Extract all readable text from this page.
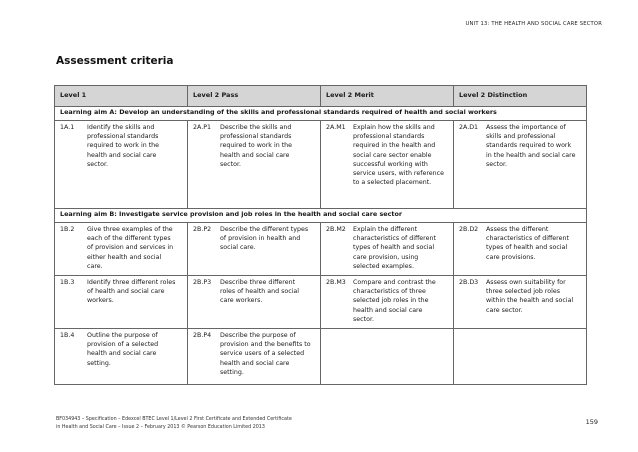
UNIT 13: THE HEALTH AND SOCIAL CARE SECTOR
Assessment criteria
Level 1	Level 2 Pass	Level 2 Merit	Level 2 Distinction
Learning aim A: Develop an understanding of the skills and professional standards required of health and social workers			

1A.1 Identify the skills and professional standards required to work in the health and social care sector.	2A.P1 Describe the skills and professional standards required to work in the health and social care sector.	2A.M1 Explain how the skills and professional standards required in the health and social care sector enable successful working with service users, with reference to a selected placement.	2A.D1 Assess the importance of skills and professional standards required to work in the health and social care sector.

Learning aim B: Investigate service provision and job roles in the health and social care sector			

1B.2 Give three examples of the each of the different types of provision and services in either health and social care.	2B.P2 Describe the different types of provision in health and social care.	2B.M2 Explain the different characteristics of different types of health and social care provision, using selected examples.	2B.D2 Assess the different characteristics of different types of health and social care provisions.

1B.3 Identify three different roles of health and social care workers.	2B.P3 Describe three different roles of health and social care workers.	2B.M3 Compare and contrast the characteristics of three selected job roles in the health and social care sector.	2B.D3 Assess own suitability for three selected job roles within the health and social care sector.

1B.4 Outline the purpose of provision of a selected health and social care setting.	2B.P4 Describe the purpose of provision and the benefits to service users of a selected health and social care setting.		

BF034943 – Specification – Edexcel BTEC Level 1/Level 2 First Certificate and Extended Certificate
in Health and Social Care – Issue 2 – February 2013 © Pearson Education Limited 2013
159
